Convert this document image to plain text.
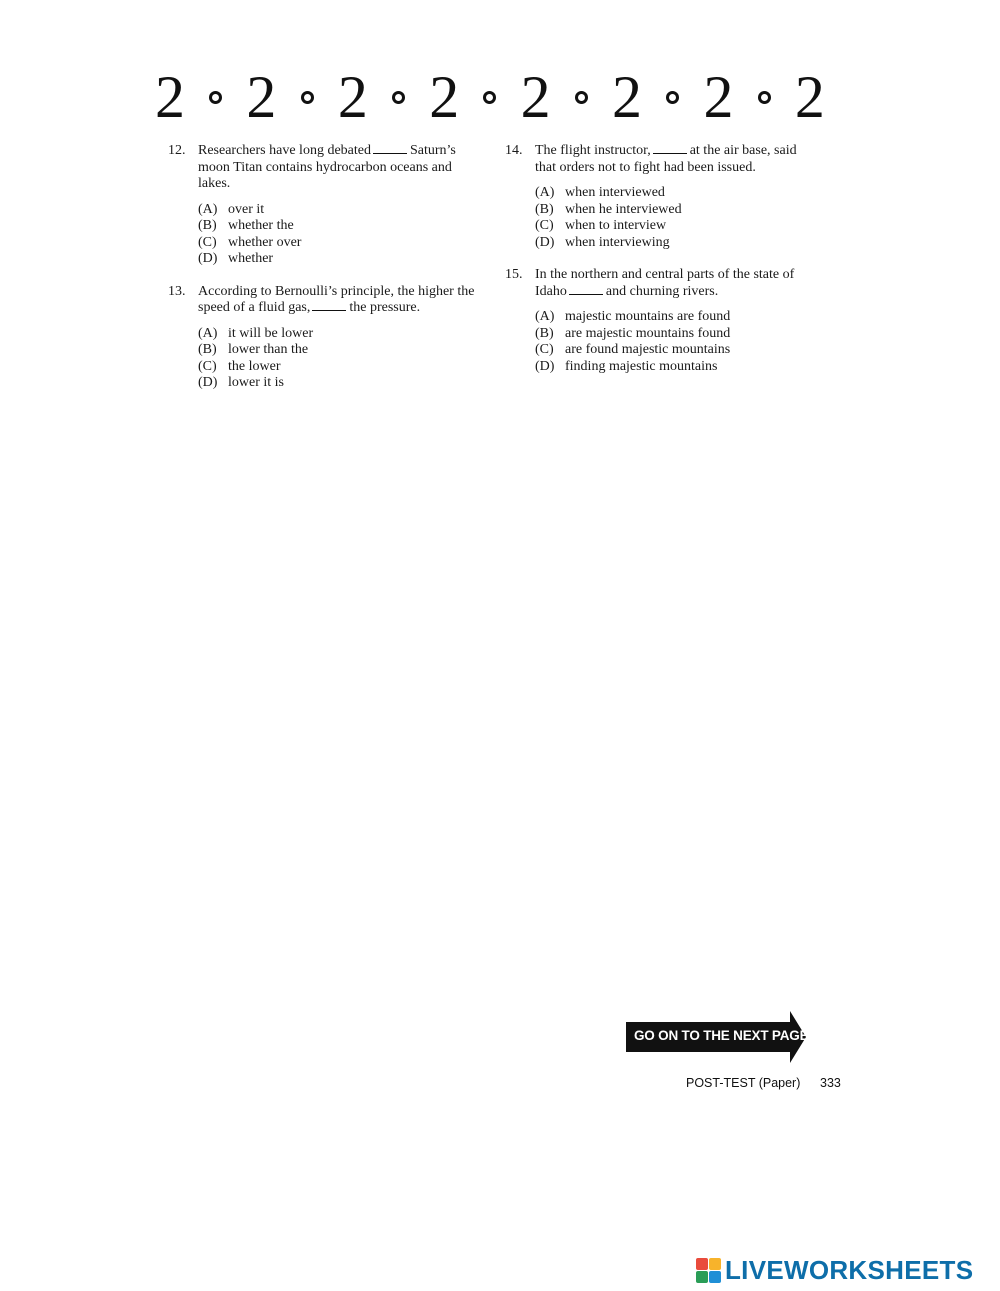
2 2 2 2 2 2 2 2
12. Researchers have long debated	Saturn’s moon Titan contains hydrocarbon oceans and lakes.
(A) over it
(B) whether the
(C) whether over
(D) whether
13. According to Bernoulli’s principle, the higher the speed of a fluid gas,	the pressure.
(A) it will be lower
(B) lower than the
(C) the lower
(D) lower it is
14. The flight instructor,	at the air base, said that orders not to fight had been issued.
(A) when interviewed
(B) when he interviewed
(C) when to interview
(D) when interviewing
15. In the northern and central parts of the state of Idaho	and churning rivers.
(A) majestic mountains are found
(B) are majestic mountains found
(C) are found majestic mountains
(D) finding majestic mountains
GO ON TO THE NEXT PAGE
POST-TEST (Paper) 333
LIVEWORKSHEETS
